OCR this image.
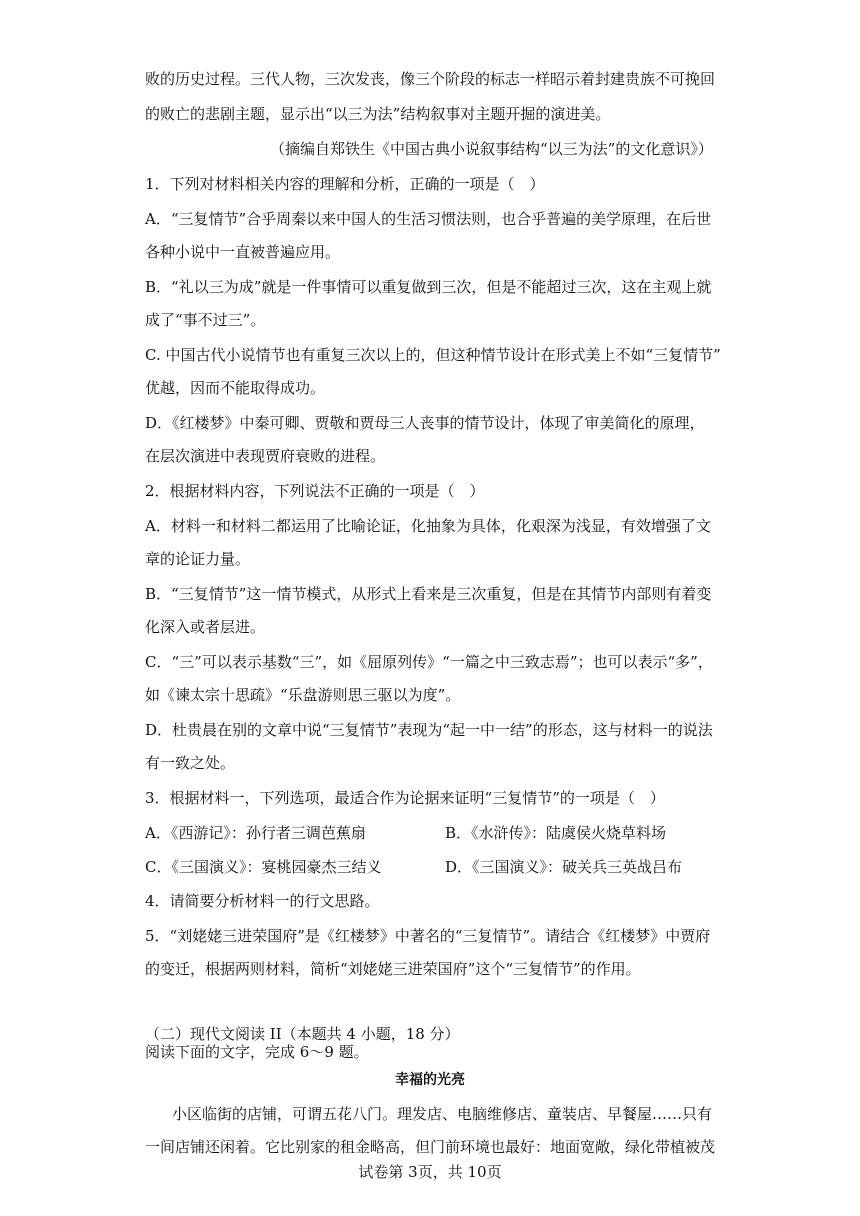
败的历史过程。三代人物，三次发丧，像三个阶段的标志一样昭示着封建贵族不可挽回
的败亡的悲剧主题，显示出“以三为法”结构叙事对主题开掘的演进美。
（摘编自郑铁生《中国古典小说叙事结构“以三为法”的文化意识》）
1．下列对材料相关内容的理解和分析，正确的一项是（　）
A．“三复情节”合乎周秦以来中国人的生活习惯法则，也合乎普遍的美学原理，在后世
各种小说中一直被普遍应用。
B．“礼以三为成”就是一件事情可以重复做到三次，但是不能超过三次，这在主观上就
成了“事不过三”。
C. 中国古代小说情节也有重复三次以上的，但这种情节设计在形式美上不如“三复情节”
优越，因而不能取得成功。
D．《红楼梦》中秦可卿、贾敬和贾母三人丧事的情节设计，体现了审美简化的原理，
在层次演进中表现贾府衰败的进程。
2．根据材料内容，下列说法不正确的一项是（　）
A．材料一和材料二都运用了比喻论证，化抽象为具体，化艰深为浅显，有效增强了文
章的论证力量。
B．“三复情节”这一情节模式，从形式上看来是三次重复，但是在其情节内部则有着变
化深入或者层进。
C．“三”可以表示基数“三”，如《屈原列传》“一篇之中三致志焉”；也可以表示“多”，
如《谏太宗十思疏》“乐盘游则思三驱以为度”。
D．杜贵晨在别的文章中说“三复情节”表现为“起一中一结”的形态，这与材料一的说法
有一致之处。
3．根据材料一，下列选项，最适合作为论据来证明“三复情节”的一项是（　）
A．《西游记》：孙行者三调芭蕉扇	B．《水浒传》：陆虞侯火烧草料场
C．《三国演义》：宴桃园豪杰三结义	D．《三国演义》：破关兵三英战吕布
4．请简要分析材料一的行文思路。
5．“刘姥姥三进荣国府”是《红楼梦》中著名的“三复情节”。请结合《红楼梦》中贾府
的变迁，根据两则材料，简析“刘姥姥三进荣国府”这个“三复情节”的作用。
（二）现代文阅读 II（本题共 4 小题，18 分）
阅读下面的文字，完成 6～9 题。
幸福的光亮
小区临街的店铺，可谓五花八门。理发店、电脑维修店、童装店、早餐屋……只有
一间店铺还闲着。它比别家的租金略高，但门前环境也最好：地面宽敞，绿化带植被茂
试卷第 3页，共 10页
